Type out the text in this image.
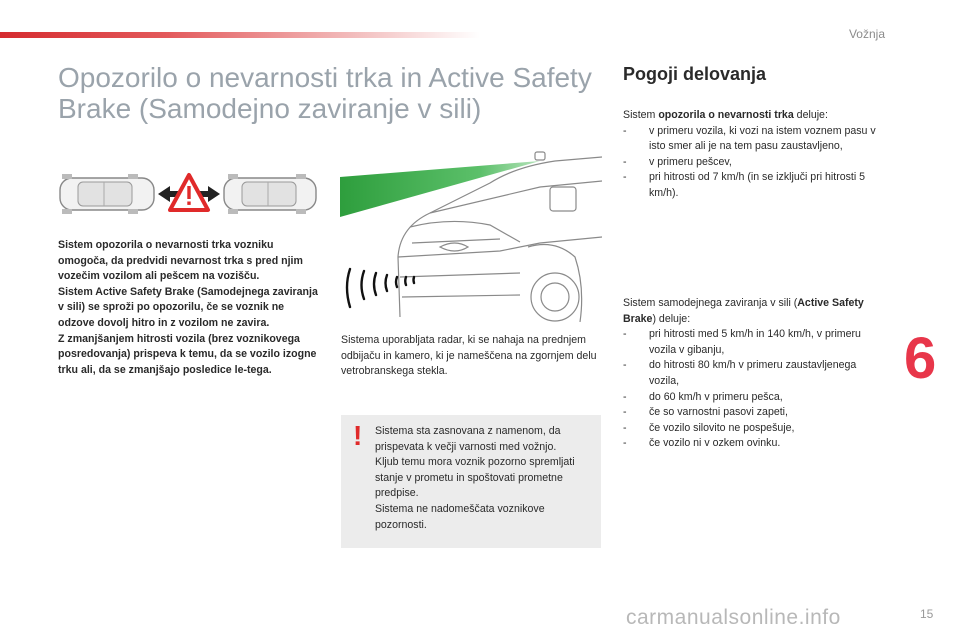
Vožnja
Opozorilo o nevarnosti trka in Active Safety Brake (Samodejno zaviranje v sili)
Sistem opozorila o nevarnosti trka vozniku omogoča, da predvidi nevarnost trka s pred njim vozečim vozilom ali pešcem na vozišču.
Sistem Active Safety Brake (Samodejnega zaviranja v sili) se sproži po opozorilu, če se voznik ne odzove dovolj hitro in z vozilom ne zavira.
Z zmanjšanjem hitrosti vozila (brez voznikovega posredovanja) prispeva k temu, da se vozilo izogne trku ali, da se zmanjšajo posledice le-tega.
Sistema uporabljata radar, ki se nahaja na prednjem odbijaču in kamero, ki je nameščena na zgornjem delu vetrobranskega stekla.
! Sistema sta zasnovana z namenom, da prispevata k večji varnosti med vožnjo.
Kljub temu mora voznik pozorno spremljati stanje v prometu in spoštovati prometne predpise.
Sistema ne nadomeščata voznikove pozornosti.
Pogoji delovanja
Sistem opozorila o nevarnosti trka deluje:
- v primeru vozila, ki vozi na istem voznem pasu v isto smer ali je na tem pasu zaustavljeno,
- v primeru pešcev,
- pri hitrosti od 7 km/h (in se izključi pri hitrosti 5 km/h).
Sistem samodejnega zaviranja v sili (Active Safety Brake) deluje:
- pri hitrosti med 5 km/h in 140 km/h, v primeru vozila v gibanju,
- do hitrosti 80 km/h v primeru zaustavljenega vozila,
- do 60 km/h v primeru pešca,
- če so varnostni pasovi zapeti,
- če vozilo silovito ne pospešuje,
- če vozilo ni v ozkem ovinku.
6
carmanualsonline.info	15
